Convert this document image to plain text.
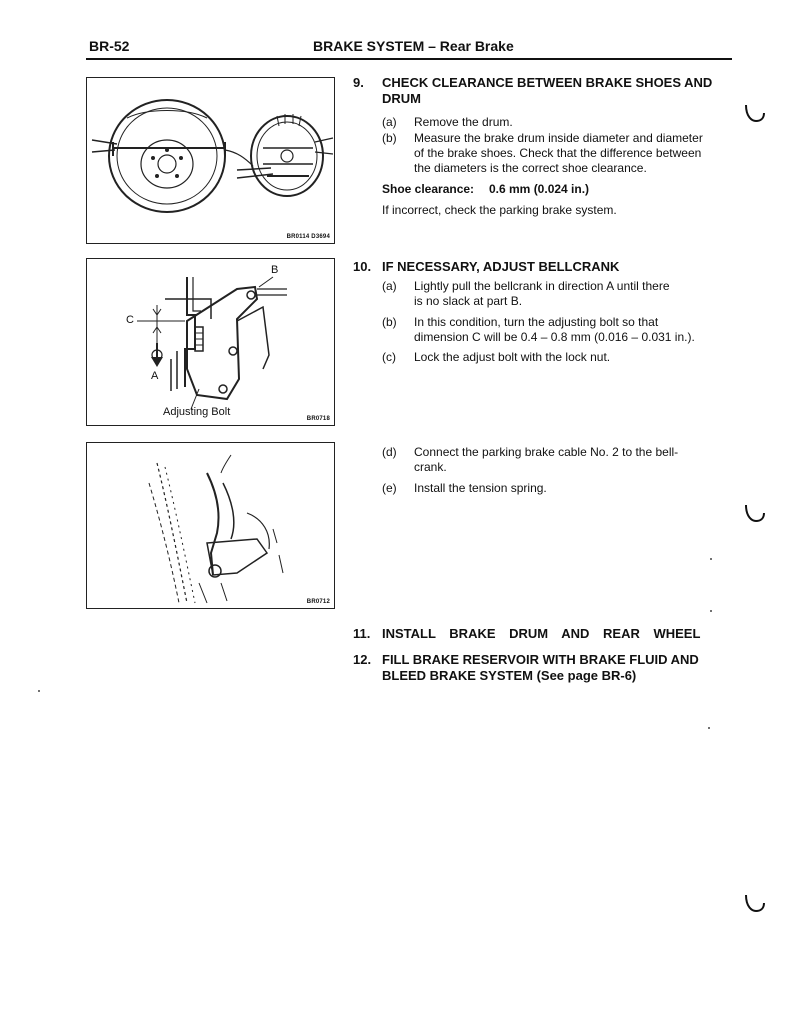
BR-52	BRAKE SYSTEM – Rear Brake
BR0114 D3694
B
C
A
Adjusting Bolt
BR0718
BR0712
9. CHECK CLEARANCE BETWEEN BRAKE SHOES AND
DRUM
(a) Remove the drum.
(b) Measure the brake drum inside diameter and diameter
of the brake shoes. Check that the difference between
the diameters is the correct shoe clearance.
Shoe clearance: 0.6 mm (0.024 in.)
If incorrect, check the parking brake system.
10. IF NECESSARY, ADJUST BELLCRANK
(a) Lightly pull the bellcrank in direction A until there
is no slack at part B.
(b) In this condition, turn the adjusting bolt so that
dimension C will be 0.4 – 0.8 mm (0.016 – 0.031 in.).
(c) Lock the adjust bolt with the lock nut.
(d) Connect the parking brake cable No. 2 to the bell-
crank.
(e) Install the tension spring.
11. INSTALL BRAKE DRUM AND REAR WHEEL
12. FILL BRAKE RESERVOIR WITH BRAKE FLUID AND
BLEED BRAKE SYSTEM (See page BR-6)
